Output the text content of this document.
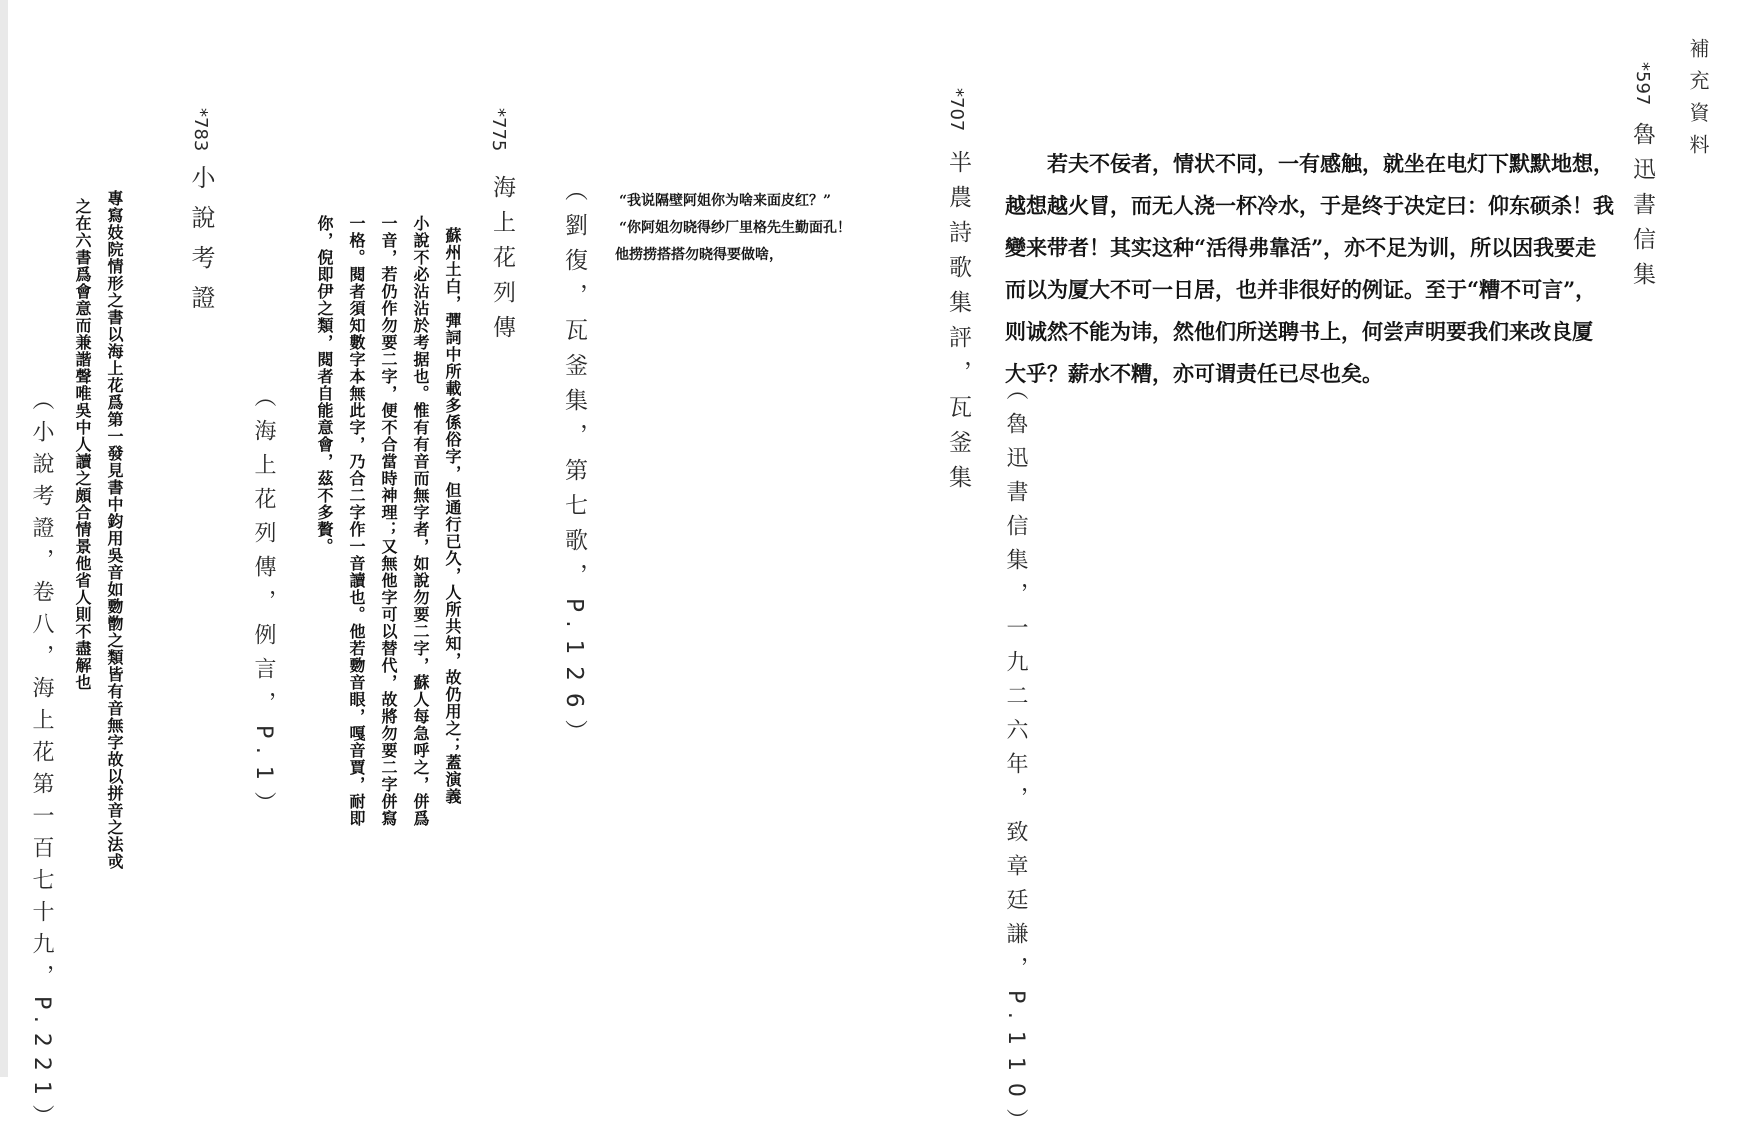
補充資料
*597
魯迅書信集
若夫不佞者，情状不同，一有感触，就坐在电灯下默默地想，
越想越火冒，而无人浇一杯冷水，于是终于决定曰：仰东硕杀！我
變来带者！其实这种“活得弗靠活”，亦不足为训，所以因我要走
而以为厦大不可一日居，也并非很好的例证。至于“糟不可言”，
则诚然不能为讳，然他们所送聘书上，何尝声明要我们来改良厦
大乎？薪水不糟，亦可谓责任已尽也矣。
（魯迅書信集，一九二六年，致章廷謙，P.110）
*707
半農詩歌集評，瓦釜集
“我说隔壁阿姐你为啥来面皮红？”
“你阿姐勿晓得纱厂里格先生勤面孔！
他捞捞搭搭勿晓得要做啥，
（劉復，瓦釜集，第七歌，P.126）
*775
海上花列傳
蘇州土白，彈詞中所載多係俗字，但通行已久，人所共知，故仍用之；蓋演義
小說不必沾沾於考据也。惟有有音而無字者，如說勿要二字，蘇人每急呼之，併爲
一音，若仍作勿要二字，便不合當時神理；又無他字可以替代，故將勿要二字併寫
一格。閱者須知數字本無此字，乃合二字作一音讀也。他若覅音眼，嘎音賈，耐即
你，倪即伊之類，閱者自能意會，茲不多贅。
（海上花列傳，例言，P.1）
*783
小說考證
專寫妓院情形之書以海上花爲第一發見書中鈞用吳音如覅朆之類皆有音無字故以拼音之法戓
之在六書爲會意而兼諧聲唯吳中人讀之頗合情景他省人則不盡解也
（小說考證，卷八，海上花第一百七十九，P.221）
